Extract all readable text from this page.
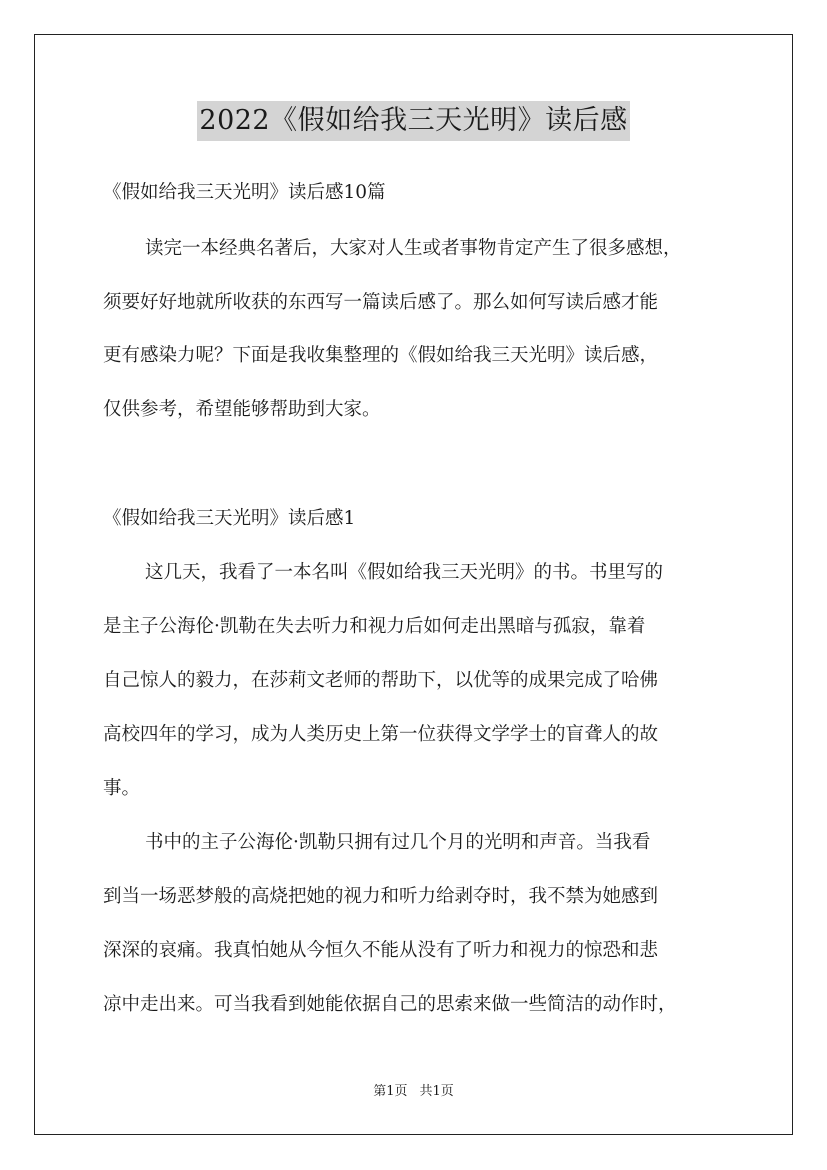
2022《假如给我三天光明》读后感
《假如给我三天光明》读后感10篇
读完一本经典名著后，大家对人生或者事物肯定产生了很多感想，
须要好好地就所收获的东西写一篇读后感了。那么如何写读后感才能
更有感染力呢？下面是我收集整理的《假如给我三天光明》读后感，
仅供参考，希望能够帮助到大家。
《假如给我三天光明》读后感1
这几天，我看了一本名叫《假如给我三天光明》的书。书里写的
是主子公海伦·凯勒在失去听力和视力后如何走出黑暗与孤寂，靠着
自己惊人的毅力，在莎莉文老师的帮助下，以优等的成果完成了哈佛
高校四年的学习，成为人类历史上第一位获得文学学士的盲聋人的故
事。
书中的主子公海伦·凯勒只拥有过几个月的光明和声音。当我看
到当一场恶梦般的高烧把她的视力和听力给剥夺时，我不禁为她感到
深深的哀痛。我真怕她从今恒久不能从没有了听力和视力的惊恐和悲
凉中走出来。可当我看到她能依据自己的思索来做一些简洁的动作时，
第1页 共1页
